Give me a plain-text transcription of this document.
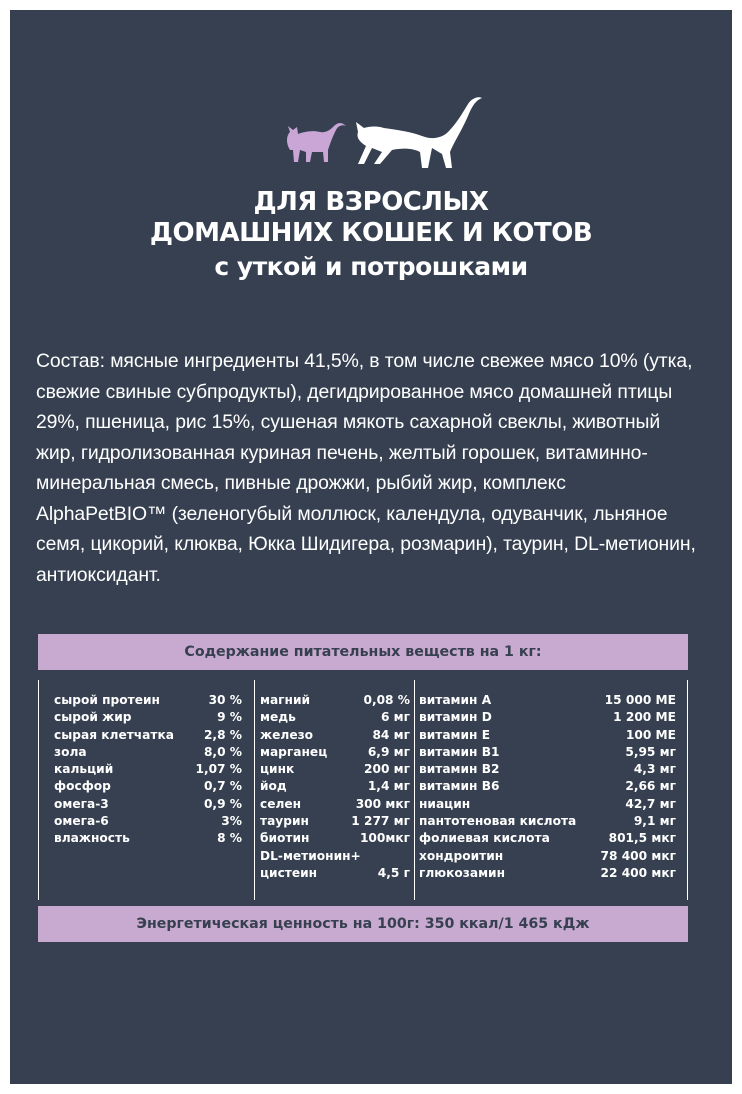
ДЛЯ ВЗРОСЛЫХ
ДОМАШНИХ КОШЕК И КОТОВ
с уткой и потрошками
Состав: мясные ингредиенты 41,5%, в том числе свежее мясо 10% (утка, свежие свиные субпродукты), дегидрированное мясо домашней птицы 29%, пшеница, рис 15%, сушеная мякоть сахарной свеклы, животный жир, гидролизованная куриная печень, желтый горошек, витаминно-минеральная смесь, пивные дрожжи, рыбий жир, комплекс AlphaPetBIO™ (зеленогубый моллюск, календула, одуванчик, льняное семя, цикорий, клюква, Юкка Шидигера, розмарин), таурин, DL-метионин, антиоксидант.
Содержание питательных веществ на 1 кг:
сырой протеин	30 %
сырой жир	9 %
сырая клетчатка 2,8 %
зола	8,0 %
кальций	1,07 %
фосфор	0,7 %
омега-3	0,9 %
омега-6	3%
влажность	8 %
магний	0,08 %
медь	6 мг
железо	84 мг
марганец	6,9 мг
цинк	200 мг
йод	1,4 мг
селен	300 мкг
таурин	1 277 мг
биотин	100мкг
DL-метионин+
цистеин	4,5 г
витамин А	15 000 МЕ
витамин D	1 200 МЕ
витамин Е	100 МЕ
витамин В1	5,95 мг
витамин В2	4,3 мг
витамин В6	2,66 мг
ниацин	42,7 мг
пантотеновая кислота	9,1 мг
фолиевая кислота	801,5 мкг
хондроитин	78 400 мкг
глюкозамин	22 400 мкг
Энергетическая ценность на 100г: 350 ккал/1 465 кДж
